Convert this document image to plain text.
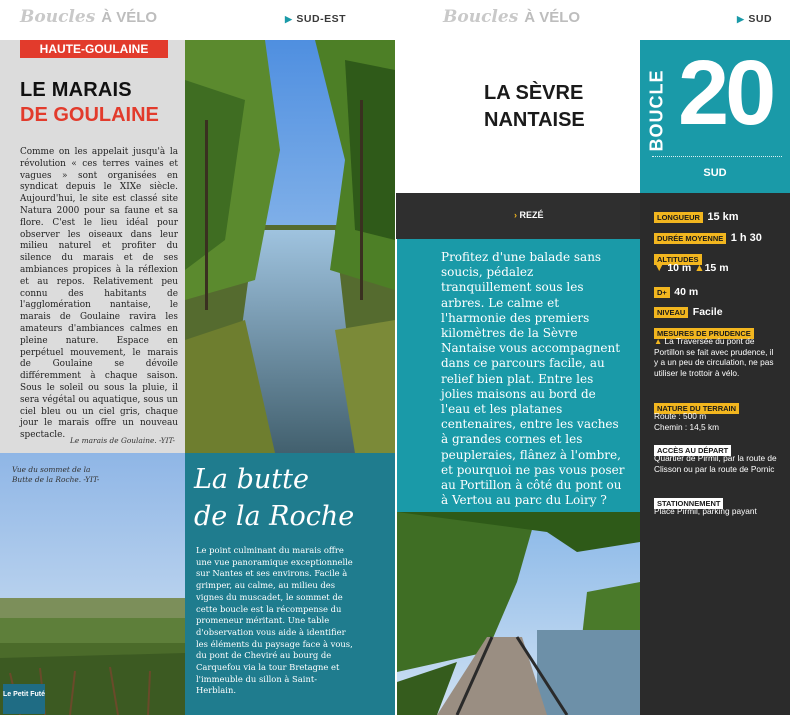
Boucles À VÉLO	▶ SUD-EST
HAUTE-GOULAINE
LE MARAIS
DE GOULAINE
Comme on les appelait jusqu'à la révolution « ces terres vaines et vagues » sont organisées en syndicat depuis le XIXe siècle. Aujourd'hui, le site est classé site Natura 2000 pour sa faune et sa flore. C'est le lieu idéal pour observer les oiseaux dans leur milieu naturel et profiter du silence du marais et de ses ambiances propices à la réflexion et au repos. Relativement peu connu des habitants de l'agglomération nantaise, le marais de Goulaine ravira les amateurs d'ambiances calmes en pleine nature. Espace en perpétuel mouvement, le marais de Goulaine se dévoile différemment à chaque saison. Sous le soleil ou sous la pluie, il sera végétal ou aquatique, sous un ciel bleu ou un ciel gris, chaque jour le marais offre un nouveau spectacle.
Le marais de Goulaine. -YIT-
Vue du sommet de la Butte de la Roche. -YIT-
Le Petit Futé
La butte
de la Roche
Le point culminant du marais offre une vue panoramique exceptionnelle sur Nantes et ses environs. Facile à grimper, au calme, au milieu des vignes du muscadet, le sommet de cette boucle est la récompense du promeneur méritant. Une table d'observation vous aide à identifier les éléments du paysage face à vous, du pont de Cheviré au bourg de Carquefou via la tour Bretagne et l'immeuble du sillon à Saint-Herblain.
Boucles À VÉLO	▶ SUD
LA SÈVRE
NANTAISE	BOUCLE 20
SUD
› REZÉ
Profitez d'une balade sans soucis, pédalez tranquillement sous les arbres. Le calme et l'harmonie des premiers kilomètres de la Sèvre Nantaise vous accompagnent dans ce parcours facile, au relief bien plat. Entre les jolies maisons au bord de l'eau et les platanes centenaires, entre les vaches à grandes cornes et les peupleraies, flânez à l'ombre, et pourquoi ne pas vous poser au Portillon à côté du pont ou à Vertou au parc du Loiry ?
LONGUEUR 15 km
DURÉE MOYENNE 1 h 30
ALTITUDES
▼ 10 m ▲15 m
D+ 40 m
NIVEAU Facile
MESURES DE PRUDENCE
▲ La Traversée du pont de Portillon se fait avec prudence, il y a un peu de circulation, ne pas utiliser le trottoir à vélo.
NATURE DU TERRAIN
Route : 500 m
Chemin : 14,5 km
ACCÈS AU DÉPART
Quartier de Pirmil, par la route de Clisson ou par la route de Pornic
STATIONNEMENT
Place Pirmil, parking payant
